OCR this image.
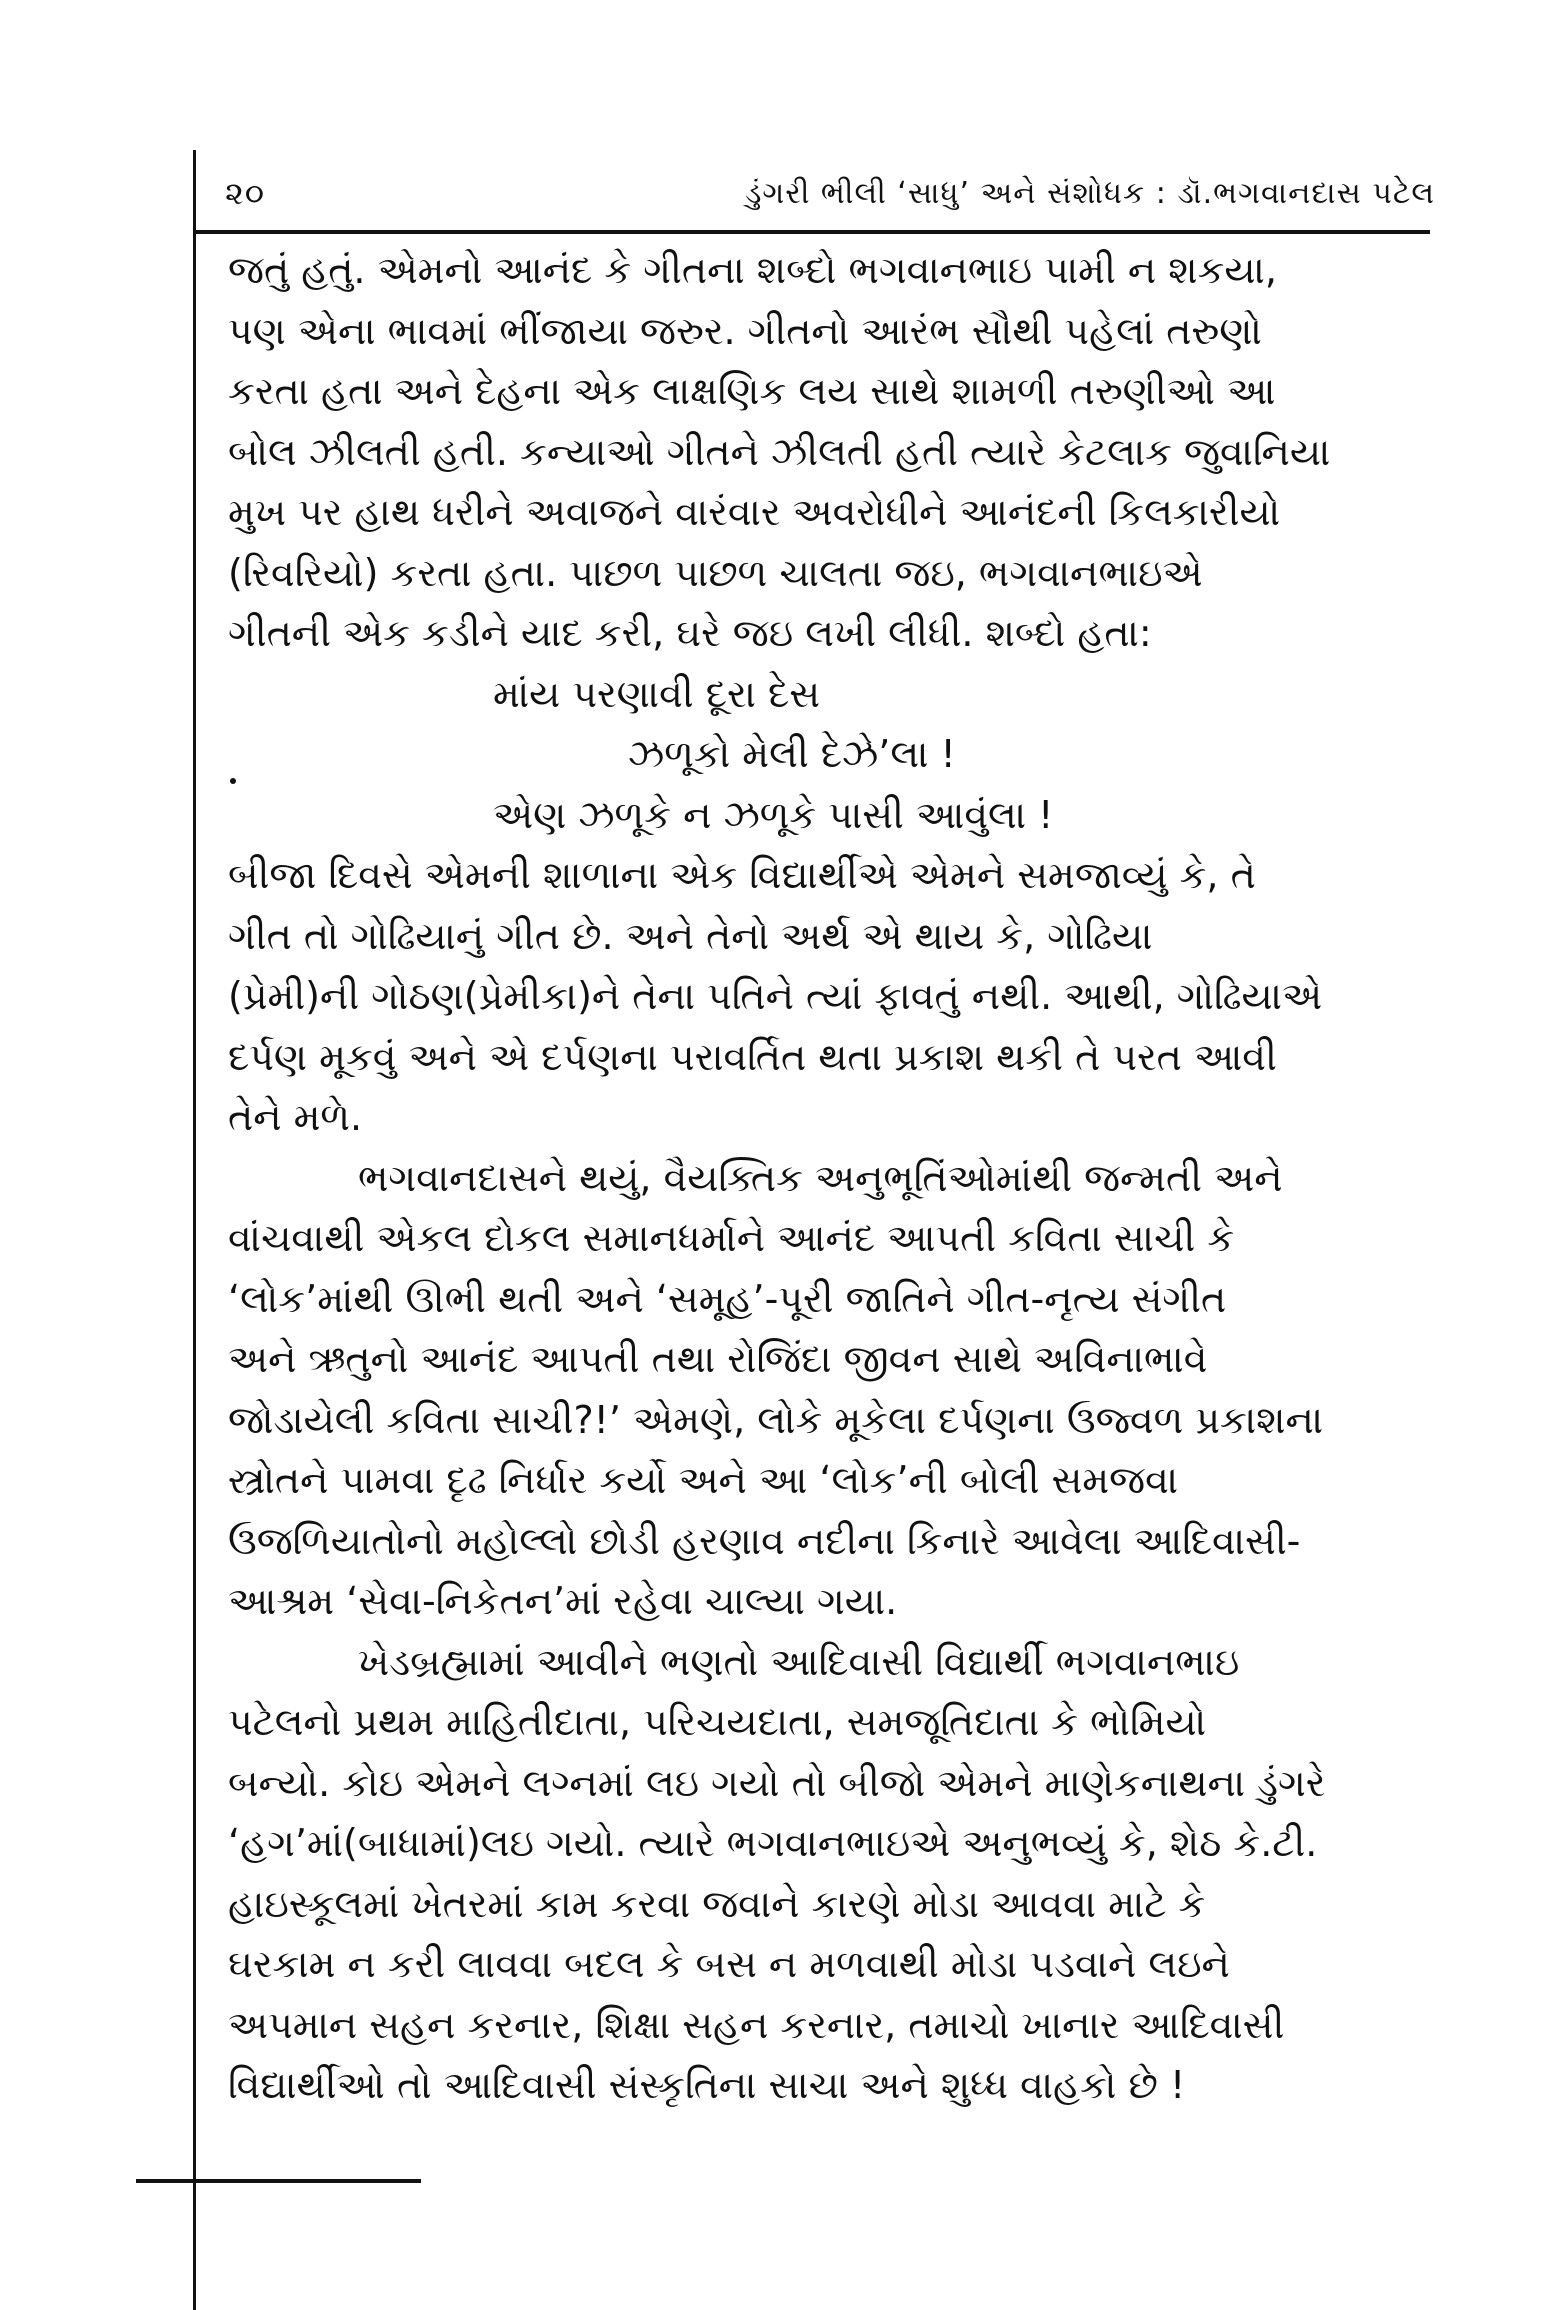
૨૦	ડુંગરી ભીલી ‘સાધુ’ અને સંશોધક : ડૉ.ભગવાનદાસ પટેલ
જતું હતું. એમનો આનંદ કે ગીતના શબ્દો ભગવાનભાઇ પામી ન શકયા,
પણ એના ભાવમાં ભીંજાયા જરુર. ગીતનો આરંભ સૌથી પહેલાં તરુણો
કરતા હતા અને દેહના એક લાક્ષણિક લય સાથે શામળી તરુણીઓ આ
બોલ ઝીલતી હતી. કન્યાઓ ગીતને ઝીલતી હતી ત્યારે કેટલાક જુવાનિયા
મુખ પર હાથ ધરીને અવાજને વારંવાર અવરોધીને આનંદની કિલકારીયો
(રિવરિયો) કરતા હતા. પાછળ પાછળ ચાલતા જઇ, ભગવાનભાઇએ
ગીતની એક કડીને યાદ કરી, ઘરે જઇ લખી લીધી. શબ્દો હતા:
માંય પરણાવી દૂરા દેસ
ઝળૂકો મેલી દેઝે’લા !
એણ ઝળૂકે ન ઝળૂકે પાસી આવુંલા !
બીજા દિવસે એમની શાળાના એક વિદ્યાર્થીએ એમને સમજાવ્યું કે, તે
ગીત તો ગોઢિયાનું ગીત છે. અને તેનો અર્થ એ થાય કે, ગોઢિયા
(પ્રેમી)ની ગોઠણ(પ્રેમીકા)ને તેના પતિને ત્યાં ફાવતું નથી. આથી, ગોઢિયાએ
દર્પણ મૂકવું અને એ દર્પણના પરાવર્તિત થતા પ્રકાશ થકી તે પરત આવી
તેને મળે.
ભગવાનદાસને થયું, વૈયક્તિક અનુભૂતિંઓમાંથી જન્મતી અને
વાંચવાથી એકલ દોકલ સમાનધર્માને આનંદ આપતી કવિતા સાચી કે
‘લોક’માંથી ઊભી થતી અને ‘સમૂહ’-પૂરી જાતિને ગીત-નૃત્ય સંગીત
અને ઋતુનો આનંદ આપતી તથા રોજિંદા જીવન સાથે અવિનાભાવે
જોડાયેલી કવિતા સાચી?!’ એમણે, લોકે મૂકેલા દર્પણના ઉજ્વળ પ્રકાશના
સ્ત્રોતને પામવા દૃઢ નિર્ધાર કર્યો અને આ ‘લોક’ની બોલી સમજવા
ઉજળિયાતોનો મહોલ્લો છોડી હરણાવ નદીના કિનારે આવેલા આદિવાસી-
આશ્રમ ‘સેવા-નિકેતન’માં રહેવા ચાલ્યા ગયા.
ખેડબ્રહ્મામાં આવીને ભણતો આદિવાસી વિદ્યાર્થી ભગવાનભાઇ
પટેલનો પ્રથમ માહિતીદાતા, પરિચયદાતા, સમજૂતિદાતા કે ભોમિયો
બન્યો. કોઇ એમને લગ્નમાં લઇ ગયો તો બીજો એમને માણેકનાથના ડુંગરે
‘હગ’માં(બાધામાં)લઇ ગયો. ત્યારે ભગવાનભાઇએ અનુભવ્યું કે, શેઠ કે.ટી.
હાઇસ્કૂલમાં ખેતરમાં કામ કરવા જવાને કારણે મોડા આવવા માટે કે
ઘરકામ ન કરી લાવવા બદલ કે બસ ન મળવાથી મોડા પડવાને લઇને
અપમાન સહન કરનાર, શિક્ષા સહન કરનાર, તમાચો ખાનાર આદિવાસી
વિદ્યાર્થીઓ તો આદિવાસી સંસ્કૃતિના સાચા અને શુધ્ધ વાહકો છે !
